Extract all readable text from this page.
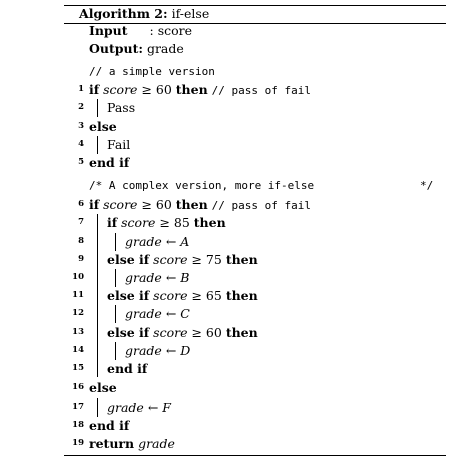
Algorithm 2: if-else
Input : score
Output: grade
// a simple version
1 if score ≥ 60 then // pass of fail
2 Pass
3 else
4 Fail
5 end if
/* A complex version, more if-else	*/
6 if score ≥ 60 then // pass of fail
7 if score ≥ 85 then
8	grade ← A
9 else if score ≥ 75 then
10	grade ← B
11 else if score ≥ 65 then
12	grade ← C
13 else if score ≥ 60 then
14	grade ← D
15 end if
16 else
17 grade ← F
18 end if
19 return grade
